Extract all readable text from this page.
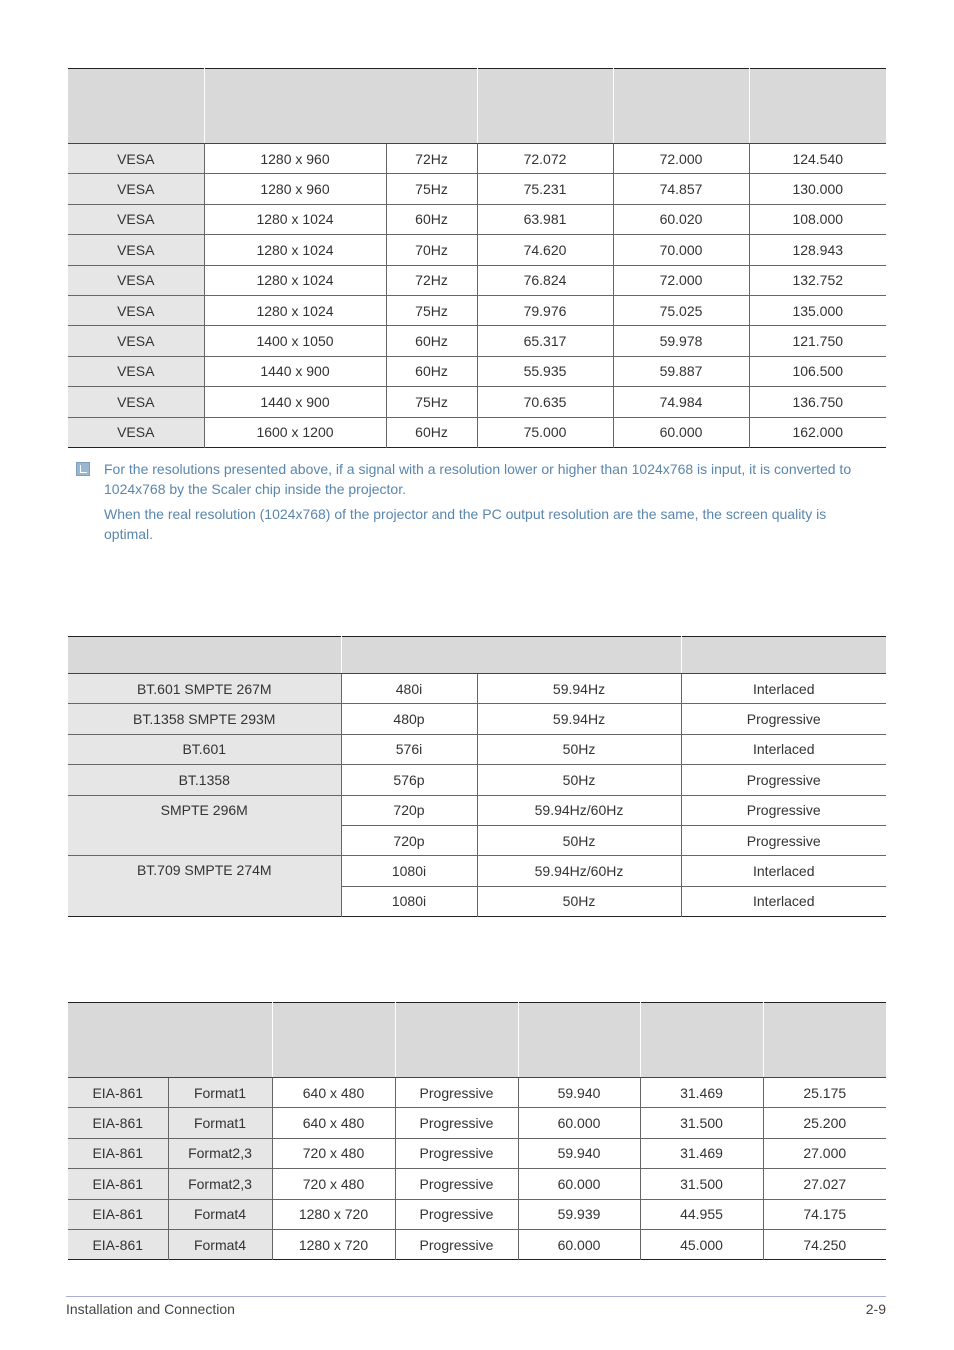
VESA	1280 x 960	72Hz	72.072	72.000	124.540
VESA	1280 x 960	75Hz	75.231	74.857	130.000
VESA	1280 x 1024	60Hz	63.981	60.020	108.000
VESA	1280 x 1024	70Hz	74.620	70.000	128.943
VESA	1280 x 1024	72Hz	76.824	72.000	132.752
VESA	1280 x 1024	75Hz	79.976	75.025	135.000
VESA	1400 x 1050	60Hz	65.317	59.978	121.750
VESA	1440 x 900	60Hz	55.935	59.887	106.500
VESA	1440 x 900	75Hz	70.635	74.984	136.750
VESA	1600 x 1200	60Hz	75.000	60.000	162.000

For the resolutions presented above, if a signal with a resolution lower or higher than 1024x768 is input, it is converted to 1024x768 by the Scaler chip inside the projector.

When the real resolution (1024x768) of the projector and the PC output resolution are the same, the screen quality is optimal.

BT.601 SMPTE 267M	480i	59.94Hz	Interlaced
BT.1358 SMPTE 293M	480p	59.94Hz	Progressive
BT.601	576i	50Hz	Interlaced
BT.1358	576p	50Hz	Progressive
SMPTE 296M	720p	59.94Hz/60Hz	Progressive
	720p	50Hz	Progressive
BT.709 SMPTE 274M	1080i	59.94Hz/60Hz	Interlaced
	1080i	50Hz	Interlaced

EIA-861	Format1	640 x 480	Progressive	59.940	31.469	25.175
EIA-861	Format1	640 x 480	Progressive	60.000	31.500	25.200
EIA-861	Format2,3	720 x 480	Progressive	59.940	31.469	27.000
EIA-861	Format2,3	720 x 480	Progressive	60.000	31.500	27.027
EIA-861	Format4	1280 x 720	Progressive	59.939	44.955	74.175
EIA-861	Format4	1280 x 720	Progressive	60.000	45.000	74.250
Installation and Connection	2-9
